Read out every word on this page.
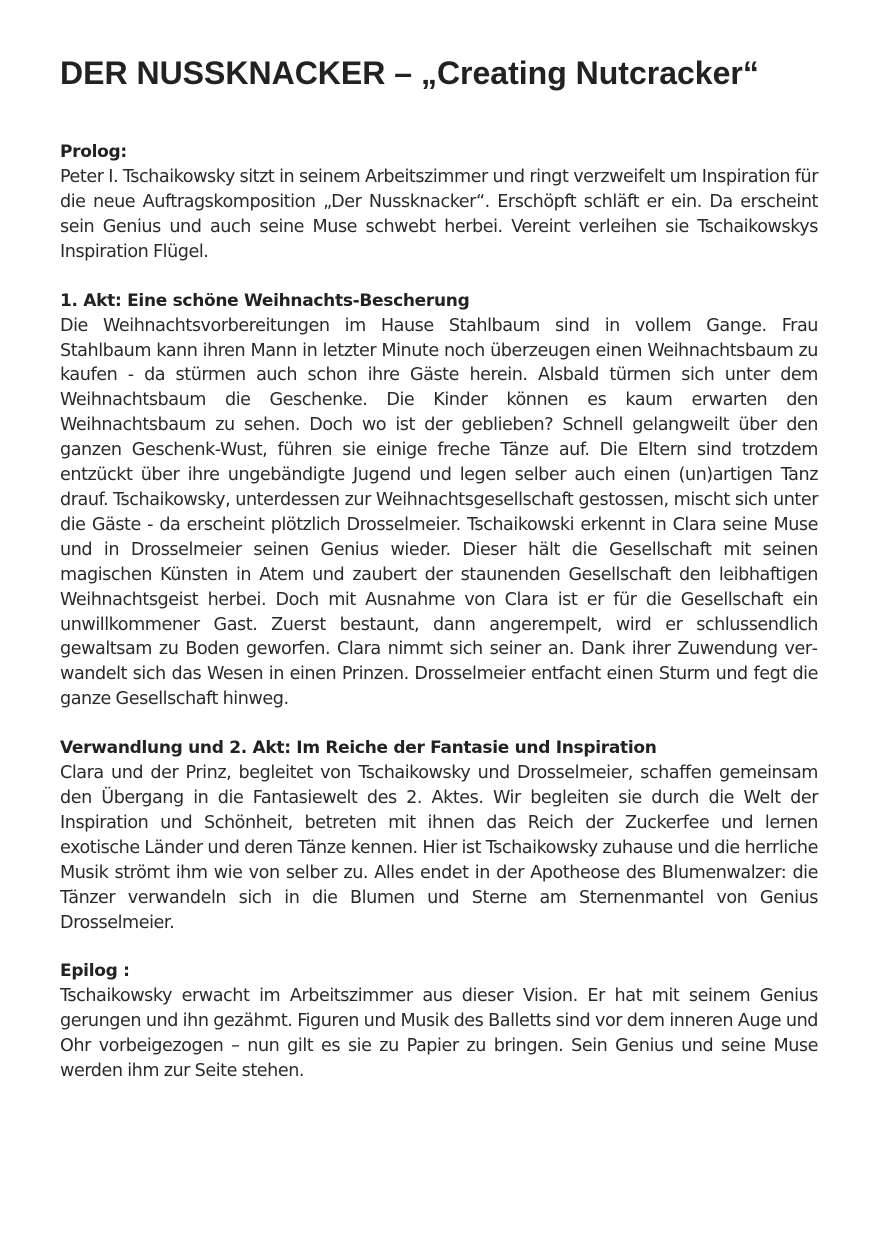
DER NUSSKNACKER – „Creating Nutcracker“
Prolog:

Peter I. Tschaikowsky sitzt in seinem Arbeitszimmer und ringt verzweifelt um Inspiration für die neue Auftragskomposition „Der Nussknacker“. Erschöpft schläft er ein. Da erscheint sein Genius und auch seine Muse schwebt herbei. Vereint verleihen sie Tschaikowskys Inspiration Flügel.

1. Akt: Eine schöne Weihnachts-Bescherung

Die Weihnachtsvorbereitungen im Hause Stahlbaum sind in vollem Gange. Frau Stahlbaum kann ihren Mann in letzter Minute noch überzeugen einen Weihnachtsbaum zu kaufen - da stürmen auch schon ihre Gäste herein. Alsbald türmen sich unter dem Weihnachtsbaum die Geschenke. Die Kinder können es kaum erwarten den Weihnachtsbaum zu sehen. Doch wo ist der geblieben? Schnell gelangweilt über den ganzen Geschenk-Wust, führen sie einige freche Tänze auf. Die Eltern sind trotzdem entzückt über ihre ungebändigte Jugend und legen selber auch einen (un)artigen Tanz drauf. Tschaikowsky, unterdessen zur Weihnachtsgesellschaft gestossen, mischt sich unter die Gäste - da erscheint plötzlich Drosselmeier. Tschaikowski erkennt in Clara seine Muse und in Drosselmeier seinen Genius wieder. Dieser hält die Gesellschaft mit seinen magischen Künsten in Atem und zaubert der staunenden Gesellschaft den leibhaftigen Weihnachtsgeist herbei. Doch mit Ausnahme von Clara ist er für die Gesellschaft ein unwillkommener Gast. Zuerst bestaunt, dann angerempelt, wird er schlussendlich gewaltsam zu Boden geworfen. Clara nimmt sich seiner an. Dank ihrer Zuwendung verwandelt sich das Wesen in einen Prinzen. Drosselmeier entfacht einen Sturm und fegt die ganze Gesellschaft hinweg.

Verwandlung und 2. Akt: Im Reiche der Fantasie und Inspiration

Clara und der Prinz, begleitet von Tschaikowsky und Drosselmeier, schaffen gemeinsam den Übergang in die Fantasiewelt des 2. Aktes. Wir begleiten sie durch die Welt der Inspiration und Schönheit, betreten mit ihnen das Reich der Zuckerfee und lernen exotische Länder und deren Tänze kennen. Hier ist Tschaikowsky zuhause und die herrliche Musik strömt ihm wie von selber zu. Alles endet in der Apotheose des Blumenwalzer: die Tänzer verwandeln sich in die Blumen und Sterne am Sternenmantel von Genius Drosselmeier.

Epilog :

Tschaikowsky erwacht im Arbeitszimmer aus dieser Vision. Er hat mit seinem Genius gerungen und ihn gezähmt. Figuren und Musik des Balletts sind vor dem inneren Auge und Ohr vorbeigezogen – nun gilt es sie zu Papier zu bringen. Sein Genius und seine Muse werden ihm zur Seite stehen.
